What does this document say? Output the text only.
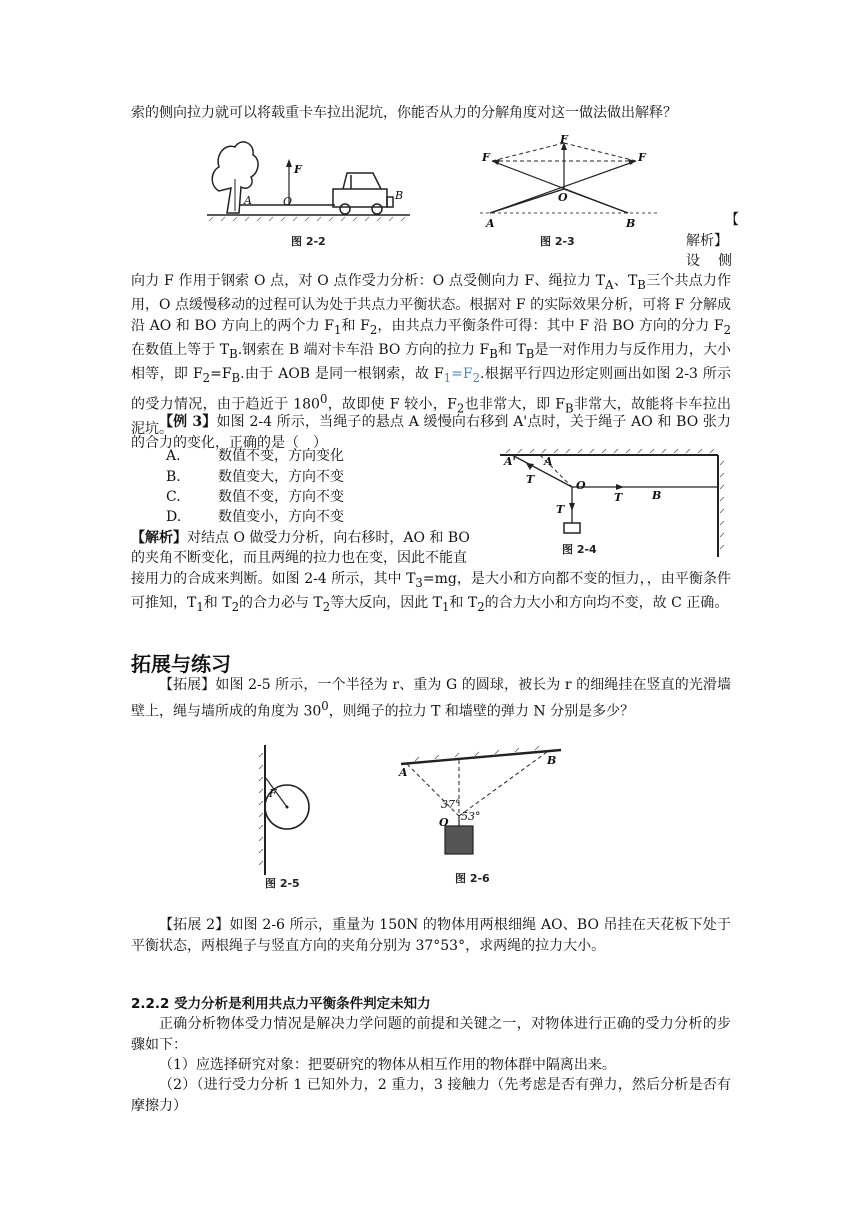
索的侧向拉力就可以将载重卡车拉出泥坑，你能否从力的分解角度对这一做法做出解释？
F
A	O	B
图 2-2
F
F	F
O
A	B
图 2-3
【
解析】
设　侧
向力 F 作用于钢索 O 点，对 O 点作受力分析：O 点受侧向力 F、绳拉力 $T_A$、$T_B$三个共点力作用，O 点缓慢移动的过程可认为处于共点力平衡状态。根据对 F 的实际效果分析，可将 F 分解成沿 AO 和 BO 方向上的两个力 $F_1$和 $F_2$，由共点力平衡条件可得：其中 F 沿 BO 方向的分力 $F_2$在数值上等于 $T_B$.钢索在 B 端对卡车沿 BO 方向的拉力 $F_B$和 $T_B$是一对作用力与反作用力，大小相等，即 $F_2=F_B$.由于 AOB 是同一根钢索，故 $F_1=F_2$.根据平行四边形定则画出如图 2-3 所示的受力情况，由于趋近于 $180^0$，故即使 F 较小，$F_2$也非常大，即 $F_B$非常大，故能将卡车拉出泥坑。
【例 3】如图 2-4 所示，当绳子的悬点 A 缓慢向右移到 A'点时，关于绳子 AO 和 BO 张力的合力的变化，正确的是（　）
A.	数值不变，方向变化
B.	数值变大，方向不变
C.	数值不变，方向不变
D.	数值变小，方向不变
A'	A
T	O
T	B
T
图 2-4
【解析】对结点 O 做受力分析，向右移时，AO 和 BO
的夹角不断变化，而且两绳的拉力也在变，因此不能直
接用力的合成来判断。如图 2-4 所示，其中 $T_3=mg$，是大小和方向都不变的恒力，，由平衡条件可推知，$T_1$和 $T_2$的合力必与 $T_2$等大反向，因此 $T_1$和 $T_2$的合力大小和方向均不变，故 C 正确。
拓展与练习
【拓展】如图 2-5 所示，一个半径为 r、重为 G 的圆球，被长为 r 的细绳挂在竖直的光滑墙壁上，绳与墙所成的角度为 $30^0$，则绳子的拉力 T 和墙壁的弹力 N 分别是多少？
F
图 2-5
A
B
O
37°
53°
图 2-6
【拓展 2】如图 2-6 所示，重量为 150N 的物体用两根细绳 AO、BO 吊挂在天花板下处于平衡状态，两根绳子与竖直方向的夹角分别为 37°53°，求两绳的拉力大小。
2.2.2 受力分析是利用共点力平衡条件判定未知力
正确分析物体受力情况是解决力学问题的前提和关键之一，对物体进行正确的受力分析的步骤如下：
（1）应选择研究对象：把要研究的物体从相互作用的物体群中隔离出来。
（2）（进行受力分析 1 已知外力，2 重力，3 接触力（先考虑是否有弹力，然后分析是否有摩擦力）
